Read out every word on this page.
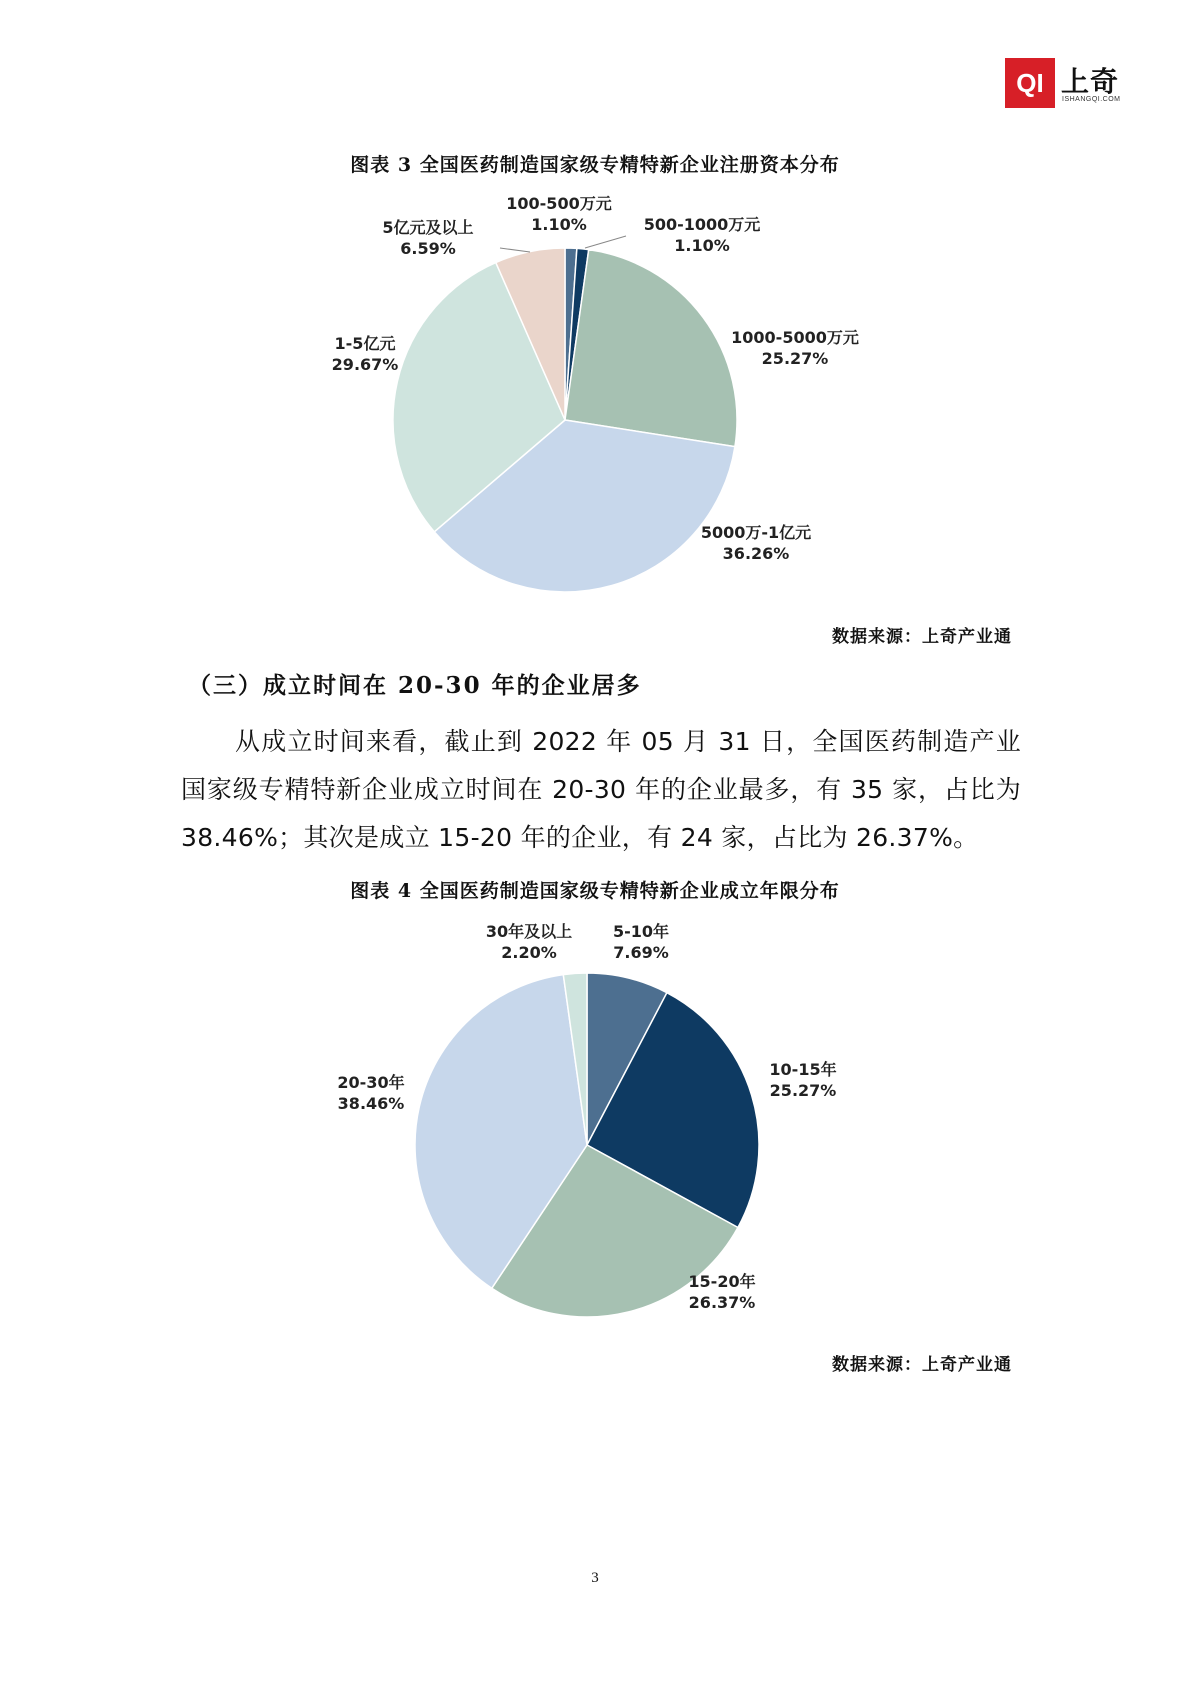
QI 上奇
ISHANGQI.COM
图表 3 全国医药制造国家级专精特新企业注册资本分布
100-500万元 1.10%	500-1000万元 1.10%
1000-5000万元 25.27%
5000万-1亿元 36.26%
1-5亿元 29.67%
5亿元及以上 6.59%
数据来源：上奇产业通
（三）成立时间在 20-30 年的企业居多
从成立时间来看，截止到 2022 年 05 月 31 日，全国医药制造产业国家级专精特新企业成立时间在 20-30 年的企业最多，有 35 家，占比为 38.46%；其次是成立 15-20 年的企业，有 24 家，占比为 26.37%。
图表 4 全国医药制造国家级专精特新企业成立年限分布
5-10年 7.69%
10-15年 25.27%
15-20年 26.37%
20-30年 38.46%
30年及以上 2.20%
数据来源：上奇产业通
3
